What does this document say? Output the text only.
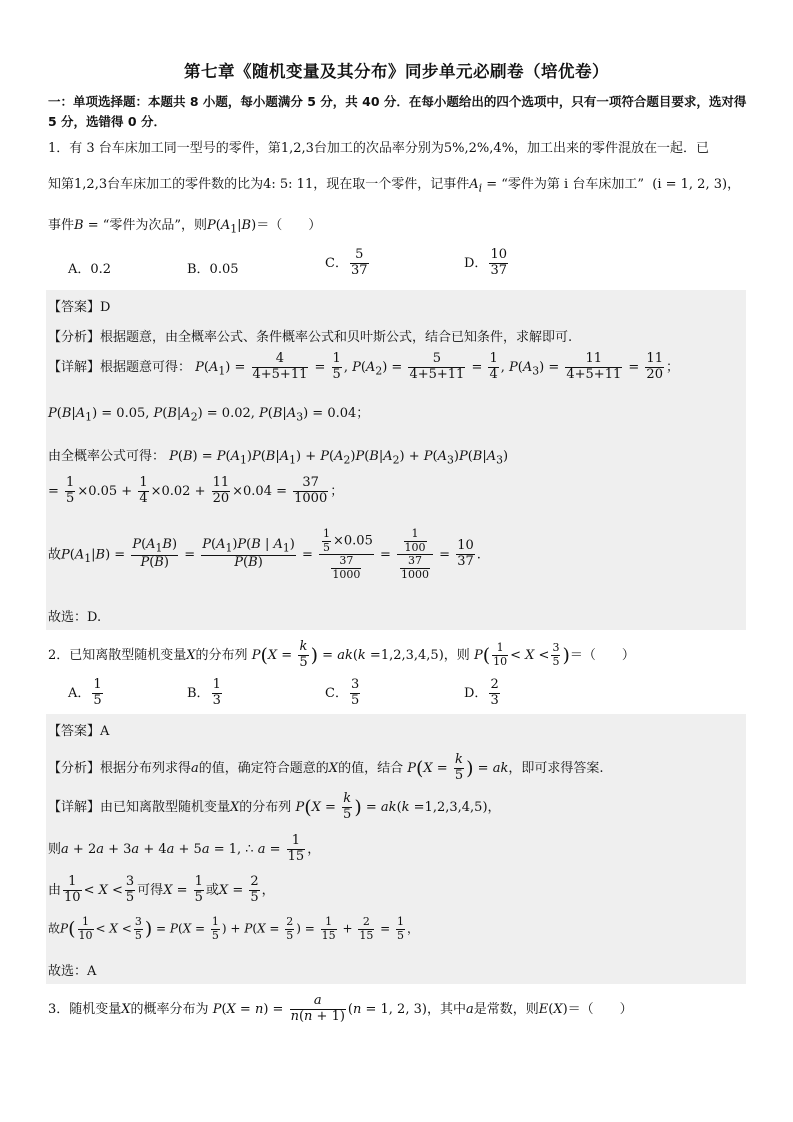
第七章《随机变量及其分布》同步单元必刷卷（培优卷）
一：单项选择题：本题共 8 小题，每小题满分 5 分，共 40 分．在每小题给出的四个选项中，只有一项符合题目要求，选对得 5 分，选错得 0 分．
1．有 3 台车床加工同一型号的零件，第1,2,3台加工的次品率分别为5%,2%,4%，加工出来的零件混放在一起．已
知第1,2,3台车床加工的零件数的比为4: 5: 11，现在取一个零件，记事件$A_i$ = “零件为第 i 台车床加工” (i = 1, 2, 3)，
事件B = “零件为次品”，则$P(A_1|B)=$（　　）
A．0.2	B．0.05	C． $\frac{5}{37}$	D． $\frac{10}{37}$
【答案】D
【分析】根据题意，由全概率公式、条件概率公式和贝叶斯公式，结合已知条件，求解即可.
【详解】根据题意可得： $P(A_1) = \frac{4}{4+5+11} = \frac{1}{5}$ , $P(A_2) = \frac{5}{4+5+11} = \frac{1}{4}$ , $P(A_3) = \frac{11}{4+5+11} = \frac{11}{20}$ ；
$P(B|A_1) = 0.05$, $P(B|A_2) = 0.02$, $P(B|A_3) = 0.04$；
由全概率公式可得： $P(B) = P(A_1)P(B|A_1) + P(A_2)P(B|A_2) + P(A_3)P(B|A_3)$
= $\frac{1}{5} \times 0.05 + \frac{1}{4} \times 0.02 + \frac{11}{20} \times 0.04 = \frac{37}{1000}$ ；
故$P(A_1|B) = \frac{P(A_1B)}{P(B)} = \frac{P(A_1)P(B | A_1)}{P(B)} = \frac{\frac{1}{5} \times 0.05}{\frac{37}{1000}} = \frac{\frac{1}{100}}{\frac{37}{1000}} = \frac{10}{37}$ .
故选：D.
2．已知离散型随机变量X的分布列 $P(X = \frac{k}{5}$ ) = ak(k =1,2,3,4,5)，则 $P( \frac{1}{10} < X < \frac{3}{5}$ )＝（　　）
A． $\frac{1}{5}$	B． $\frac{1}{3}$	C． $\frac{3}{5}$	D． $\frac{2}{3}$
【答案】A
【分析】根据分布列求得a的值，确定符合题意的X的值，结合 $P(X = \frac{k}{5}$ ) = ak，即可求得答案.
【详解】由已知离散型随机变量X的分布列 $P(X = \frac{k}{5}$ ) = ak(k =1,2,3,4,5)，
则a + 2a + 3a + 4a + 5a = 1, ∴ $a = \frac{1}{15}$ ，
由 $\frac{1}{10} < X < \frac{3}{5}$ 可得$X = \frac{1}{5}$ 或$X = \frac{2}{5}$ ，
故$P( \frac{1}{10} < X < \frac{3}{5}$ ) = $P(X = \frac{1}{5}$ ) + $P(X = \frac{2}{5}$ ) = $\frac{1}{15} + \frac{2}{15} = \frac{1}{5}$ ，
故选：A
3．随机变量X的概率分布为 $P(X = n) = \frac{a}{n(n + 1)} (n = 1$, 2, 3)，其中a是常数，则E(X)＝（　　）
